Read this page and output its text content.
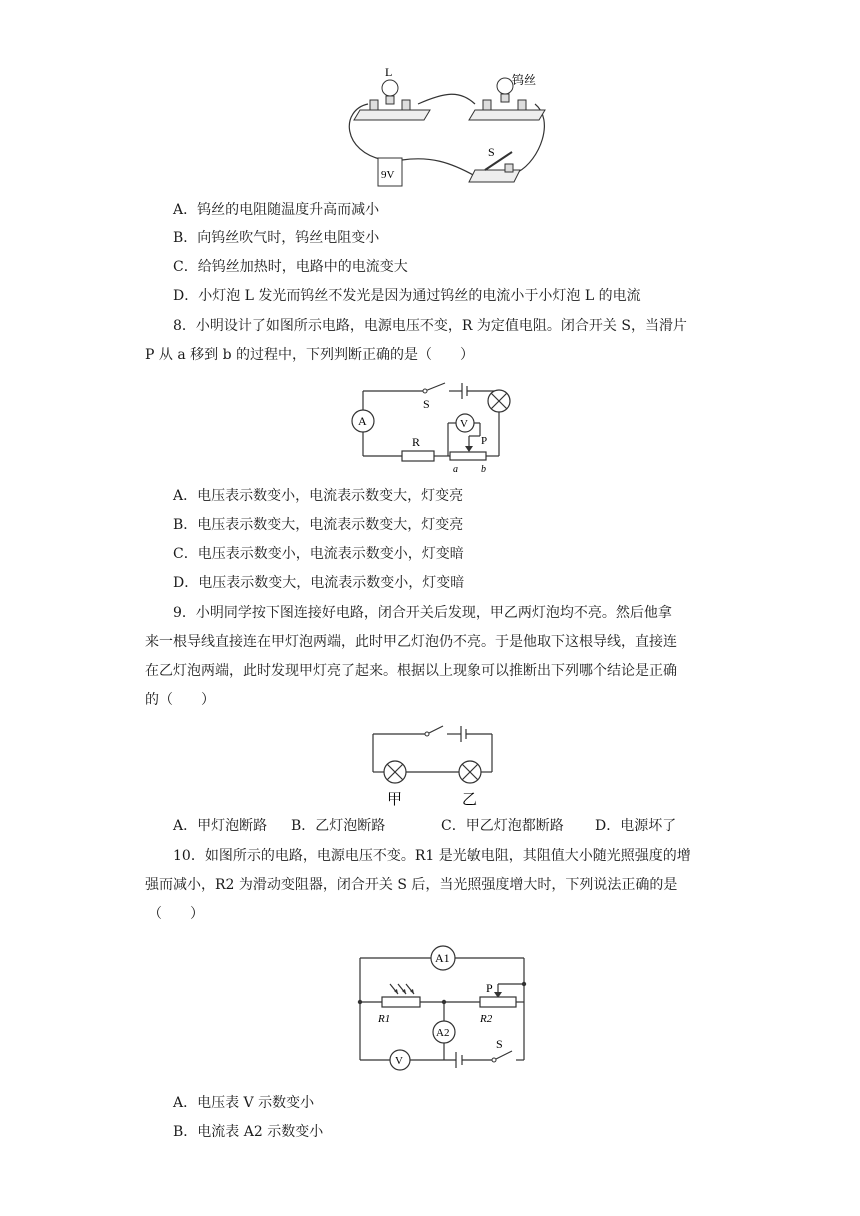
L
钨丝
9V
S
A．钨丝的电阻随温度升高而减小
B．向钨丝吹气时，钨丝电阻变小
C．给钨丝加热时，电路中的电流变大
D．小灯泡 L 发光而钨丝不发光是因为通过钨丝的电流小于小灯泡 L 的电流
8．小明设计了如图所示电路，电源电压不变，R 为定值电阻。闭合开关 S，当滑片
P 从 a 移到 b 的过程中，下列判断正确的是（　　）
S
A	V
R	P
a b
A．电压表示数变小，电流表示数变大，灯变亮
B．电压表示数变大，电流表示数变大，灯变亮
C．电压表示数变小，电流表示数变小，灯变暗
D．电压表示数变大，电流表示数变小，灯变暗
9．小明同学按下图连接好电路，闭合开关后发现，甲乙两灯泡均不亮。然后他拿
来一根导线直接连在甲灯泡两端，此时甲乙灯泡仍不亮。于是他取下这根导线，直接连
在乙灯泡两端，此时发现甲灯亮了起来。根据以上现象可以推断出下列哪个结论是正确
的（　　）
甲	乙
A．甲灯泡断路 B．乙灯泡断路	C．甲乙灯泡都断路 D．电源坏了
10．如图所示的电路，电源电压不变。R1 是光敏电阻，其阻值大小随光照强度的增
强而减小，R2 为滑动变阻器，闭合开关 S 后，当光照强度增大时，下列说法正确的是
（　　）
A1
A2
V
R1	R2
P
S
A．电压表 V 示数变小
B．电流表 A2 示数变小
